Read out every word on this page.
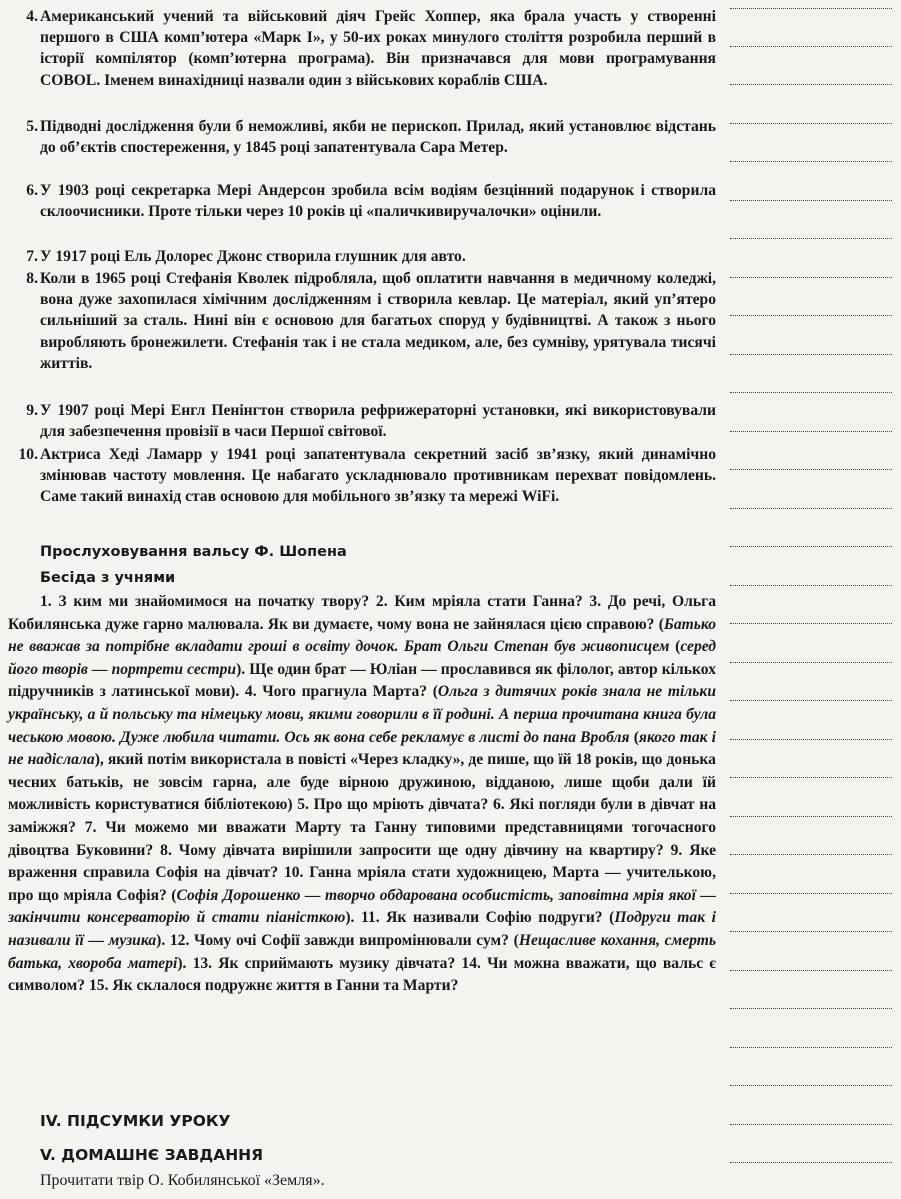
4. Американський учений та військовий діяч Грейс Хоппер, яка брала участь у створенні першого в США комп’ютера «Марк І», у 50-их роках минулого століття розробила перший в історії компілятор (комп’ютерна програма). Він призначався для мови програмування COBOL. Іменем винахідниці назвали один з військових кораблів США.
5. Підводні дослідження були б неможливі, якби не перископ. Прилад, який установлює відстань до об’єктів спостереження, у 1845 році запатентувала Сара Метер.
6. У 1903 році секретарка Мері Андерсон зробила всім водіям безцінний подарунок і створила склоочисники. Проте тільки через 10 років ці «паличкивиручалочки» оцінили.
7. У 1917 році Ель Долорес Джонс створила глушник для авто.
8. Коли в 1965 році Стефанія Кволек підробляла, щоб оплатити навчання в медичному коледжі, вона дуже захопилася хімічним дослідженням і створила кевлар. Це матеріал, який уп’ятеро сильніший за сталь. Нині він є основою для багатьох споруд у будівництві. А також з нього виробляють бронежилети. Стефанія так і не стала медиком, але, без сумніву, урятувала тисячі життів.
9. У 1907 році Мері Енгл Пенінгтон створила рефрижераторні установки, які використовували для забезпечення провізії в часи Першої світової.
10. Актриса Хеді Ламарр у 1941 році запатентувала секретний засіб зв’язку, який динамічно змінював частоту мовлення. Це набагато ускладнювало противникам перехват повідомлень. Саме такий винахід став основою для мобільного зв’язку та мережі WiFi.
Прослуховування вальсу Ф. Шопена
Бесіда з учнями
1. З ким ми знайомимося на початку твору? 2. Ким мріяла стати Ганна? 3. До речі, Ольга Кобилянська дуже гарно малювала. Як ви думаєте, чому вона не зайнялася цією справою? (Батько не вважав за потрібне вкладати гроші в освіту дочок. Брат Ольги Степан був живописцем (серед його творів — портрети сестри). Ще один брат — Юліан — прославився як філолог, автор кількох підручників з латинської мови). 4. Чого прагнула Марта? (Ольга з дитячих років знала не тільки українську, а й польську та німецьку мови, якими говорили в її родині. А перша прочитана книга була чеською мовою. Дуже любила читати. Ось як вона себе рекламує в листі до пана Вробля (якого так і не надіслала), який потім використала в повісті «Через кладку», де пише, що їй 18 років, що донька чесних батьків, не зовсім гарна, але буде вірною дружиною, відданою, лише щоби дали їй можливість користуватися бібліотекою) 5. Про що мріють дівчата? 6. Які погляди були в дівчат на заміжжя? 7. Чи можемо ми вважати Марту та Ганну типовими представницями тогочасного дівоцтва Буковини? 8. Чому дівчата вирішили запросити ще одну дівчину на квартиру? 9. Яке враження справила Софія на дівчат? 10. Ганна мріяла стати художницею, Марта — учителькою, про що мріяла Софія? (Софія Дорошенко — творчо обдарована особистість, заповітна мрія якої — закінчити консерваторію й стати піаністкою). 11. Як називали Софію подруги? (Подруги так і називали її — музика). 12. Чому очі Софії завжди випромінювали сум? (Нещасливе кохання, смерть батька, хвороба матері). 13. Як сприймають музику дівчата? 14. Чи можна вважати, що вальс є символом? 15. Як склалося подружнє життя в Ганни та Марти?
IV. ПІДСУМКИ УРОКУ
V. ДОМАШНЄ ЗАВДАННЯ
Прочитати твір О. Кобилянської «Земля».
